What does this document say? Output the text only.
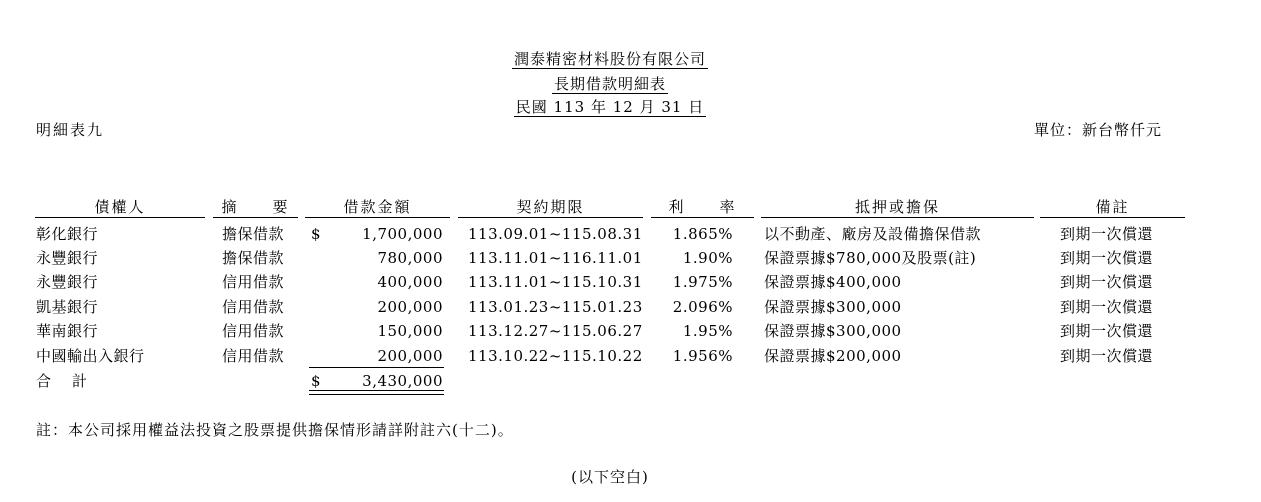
潤泰精密材料股份有限公司
長期借款明細表
民國 113 年 12 月 31 日
明細表九	單位：新台幣仟元
債權人	摘　　要	借款金額	契約期限	利　　率	抵押或擔保	備註
彰化銀行	擔保借款 $	1,700,000 113.09.01~115.08.31	1.865% 以不動產、廠房及設備擔保借款	到期一次償還
永豐銀行	擔保借款	780,000 113.11.01~116.11.01	1.90% 保證票據$780,000及股票(註)	到期一次償還
永豐銀行	信用借款	400,000 113.11.01~115.10.31	1.975% 保證票據$400,000	到期一次償還
凱基銀行	信用借款	200,000 113.01.23~115.01.23	2.096% 保證票據$300,000	到期一次償還
華南銀行	信用借款	150,000 113.12.27~115.06.27	1.95% 保證票據$300,000	到期一次償還
中國輸出入銀行	信用借款	200,000 113.10.22~115.10.22	1.956% 保證票據$200,000	到期一次償還
合　計	$	3,430,000
註：本公司採用權益法投資之股票提供擔保情形請詳附註六(十二)。
(以下空白)
